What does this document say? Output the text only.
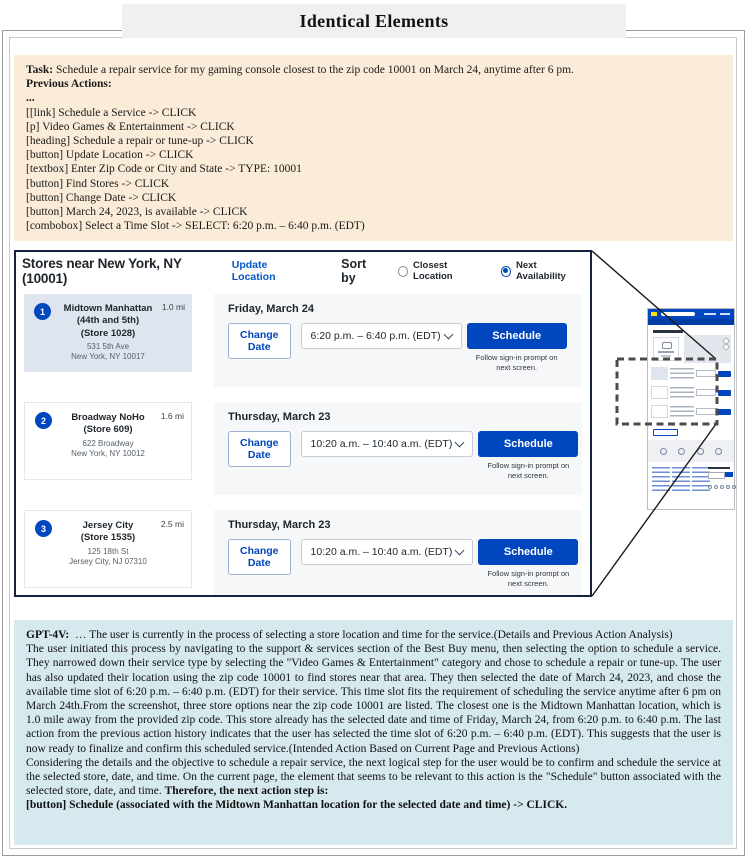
Identical Elements
Task: Schedule a repair service for my gaming console closest to the zip code 10001 on March 24, anytime after 6 pm.
Previous Actions:
...
[[link] Schedule a Service -> CLICK
[p] Video Games & Entertainment -> CLICK
[heading] Schedule a repair or tune-up -> CLICK
[button] Update Location -> CLICK
[textbox] Enter Zip Code or City and State -> TYPE: 10001
[button] Find Stores -> CLICK
[button] Change Date -> CLICK
[button] March 24, 2023, is available -> CLICK
[combobox] Select a Time Slot -> SELECT: 6:20 p.m. – 6:40 p.m. (EDT)
Stores near New York, NY (10001)
Update Location
Sort by
Closest Location
Next Availability
1	1.0 mi
Midtown Manhattan
(44th and 5th)
(Store 1028)
531 5th Ave
New York, NY 10017
Friday, March 24
Change Date
6:20 p.m. – 6:40 p.m. (EDT)	Schedule
Follow sign-in prompt on
next screen.
2	1.6 mi
Broadway NoHo
(Store 609)
622 Broadway
New York, NY 10012
Thursday, March 23
Change Date
10:20 a.m. – 10:40 a.m. (EDT)	Schedule
Follow sign-in prompt on
next screen.
3	2.5 mi
Jersey City
(Store 1535)
125 18th St
Jersey City, NJ 07310
Thursday, March 23
Change Date
10:20 a.m. – 10:40 a.m. (EDT)	Schedule
Follow sign-in prompt on
next screen.

GPT-4V: … The user is currently in the process of selecting a store location and time for the service.(Details and Previous Action Analysis)

The user initiated this process by navigating to the support & services section of the Best Buy menu, then selecting the option to schedule a service. They narrowed down their service type by selecting the "Video Games & Entertainment" category and chose to schedule a repair or tune-up. The user has also updated their location using the zip code 10001 to find stores near that area. They then selected the date of March 24, 2023, and chose the available time slot of 6:20 p.m. – 6:40 p.m. (EDT) for their service. This time slot fits the requirement of scheduling the service anytime after 6 pm on March 24th.From the screenshot, three store options near the zip code 10001 are listed. The closest one is the Midtown Manhattan location, which is 1.0 mile away from the provided zip code. This store already has the selected date and time of Friday, March 24, from 6:20 p.m. to 6:40 p.m. The last action from the previous action history indicates that the user has selected the time slot of 6:20 p.m. – 6:40 p.m. (EDT). This suggests that the user is now ready to finalize and confirm this scheduled service.(Intended Action Based on Current Page and Previous Actions)

Considering the details and the objective to schedule a repair service, the next logical step for the user would be to confirm and schedule the service at the selected store, date, and time. On the current page, the element that seems to be relevant to this action is the "Schedule" button associated with the selected store, date, and time. Therefore, the next action step is:
[button] Schedule (associated with the Midtown Manhattan location for the selected date and time) -> CLICK.
